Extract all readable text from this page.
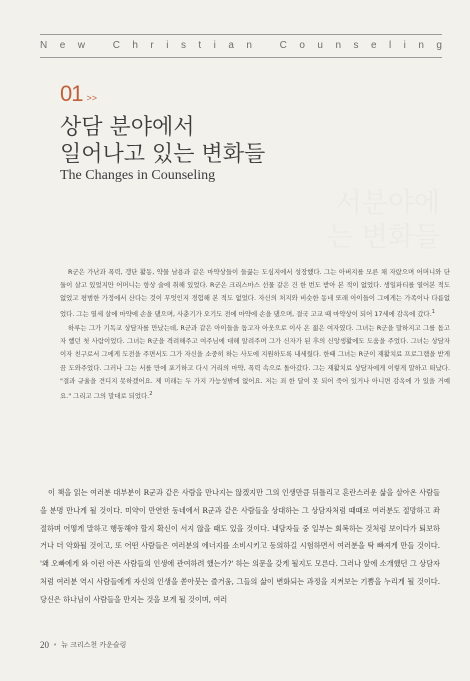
N e w
	C h r i s t i a n
	C o u n s e l i n g
01 >>
서분야에
는 변화들
상담 분야에서
일어나고 있는 변화들
The Changes in Counseling

R군은 가난과 폭력, 갱단 활동, 약물 남용과 같은 마약상들이 들끓는 도심지에서 성장했다. 그는 아버지를 모른 채 자랐으며 어머니와 단 둘이 살고 있었지만 어머니는 항상 술에 취해 있었다. R군은 크리스마스 선물 같은 건 한 번도 받아 본 적이 없었다. 생일파티를 열어본 적도 없었고 평범한 가정에서 산다는 것이 무엇인지 경험해 본 적도 없었다. 자신의 처지와 비슷한 동네 또래 아이들이 그에게는 가족이나 다름없었다. 그는 열세 살에 마약에 손을 댔으며, 사춘기가 오기도 전에 마약에 손을 댔으며, 결국 고교 때 마약상이 되어 17세에 감옥에 갔다.$^1$

하루는 그가 기독교 상담자를 만났는데, R군과 같은 아이들을 돕고자 아웃으로 이사 온 젊은 여자였다. 그녀는 R군을 말하지고 그를 돕고자 했던 첫 사람이었다. 그녀는 R군을 격려해주고 여주님에 대해 알려주며 그가 신자가 된 후의 신앙생활에도 도움을 주었다. 그녀는 상담자이자 친구로서 그에게 도전을 주면서도 그가 자신을 소중히 하는 사도에 지원하도록 내세웠다. 한때 그녀는 R군이 재활치료 프로그램을 받게끔 도와주었다. 그러나 그는 서를 만에 포기하고 다시 거리의 마약, 폭력 속으로 돌아갔다. 그는 재활치료 상담자에게 이렇게 말하고 떠났다. "결과 규율을 견디지 못하겠어요. 제 미래는 두 가지 가능성밖에 없어요. 저는 죄 한 달이 못 되어 죽어 있거나 아니면 감옥에 가 있을 거예요." 그리고 그의 말대로 되었다.$^2$

이 책을 읽는 여러분 대부분이 R군과 같은 사람을 만나지는 않겠지만 그의 인생만큼 뒤틀리고 혼란스러운 삶을 살아온 사람들을 분명 만나게 될 것이다. 미약이 만연한 동네에서 R군과 같은 사람들을 상대하는 그 상담자처럼 때때로 여러분도 절망하고 좌절하며 어떻게 말하고 행동해야 할지 확신이 서지 않을 때도 있을 것이다. 내담자들 중 일부는 회복하는 것처럼 보이다가 퇴보하거나 더 악화될 것이고, 또 어떤 사람들은 여러분의 에너지를 소비시키고 동의하길 시험하면서 여러분을 탁 빠져게 만들 것이다. '왜 오빠에게 와 이런 아픈 사람들의 인생에 관여하려 했는가?' 하는 의문을 갖게 될지도 모른다. 그러나 앞에 소개했던 그 상담자처럼 여러분 역시 사람들에게 자신의 인생을 쏟아붓는 즐거움, 그들의 삶이 변화되는 과정을 지켜보는 기쁨을 누리게 될 것이다. 당신은 하나님이 사람들을 만지는 것을 보게 될 것이며, 여러
20 • 뉴 크리스천 카운슬링
